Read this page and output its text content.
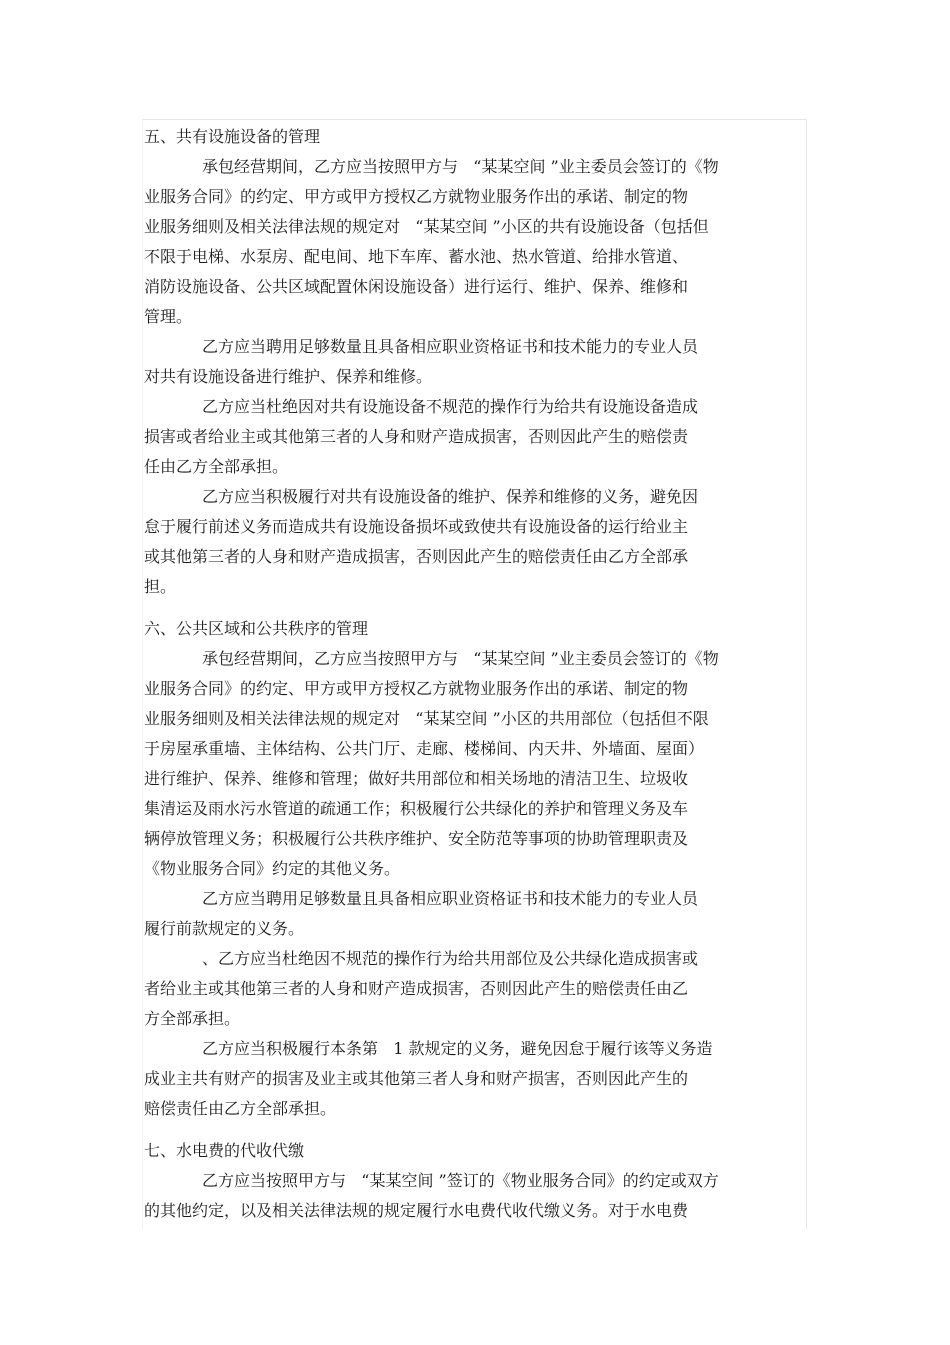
五、共有设施设备的管理
承包经营期间，乙方应当按照甲方与   “某某空间 ”业主委员会签订的《物
业服务合同》的约定、甲方或甲方授权乙方就物业服务作出的承诺、制定的物
业服务细则及相关法律法规的规定对   “某某空间 ”小区的共有设施设备（包括但
不限于电梯、水泵房、配电间、地下车库、蓄水池、热水管道、给排水管道、
消防设施设备、公共区域配置休闲设施设备）进行运行、维护、保养、维修和
管理。
乙方应当聘用足够数量且具备相应职业资格证书和技术能力的专业人员
对共有设施设备进行维护、保养和维修。
乙方应当杜绝因对共有设施设备不规范的操作行为给共有设施设备造成
损害或者给业主或其他第三者的人身和财产造成损害，否则因此产生的赔偿责
任由乙方全部承担。
乙方应当积极履行对共有设施设备的维护、保养和维修的义务，避免因
怠于履行前述义务而造成共有设施设备损坏或致使共有设施设备的运行给业主
或其他第三者的人身和财产造成损害，否则因此产生的赔偿责任由乙方全部承
担。
六、公共区域和公共秩序的管理
承包经营期间，乙方应当按照甲方与   “某某空间 ”业主委员会签订的《物
业服务合同》的约定、甲方或甲方授权乙方就物业服务作出的承诺、制定的物
业服务细则及相关法律法规的规定对   “某某空间 ”小区的共用部位（包括但不限
于房屋承重墙、主体结构、公共门厅、走廊、楼梯间、内天井、外墙面、屋面）
进行维护、保养、维修和管理；做好共用部位和相关场地的清洁卫生、垃圾收
集清运及雨水污水管道的疏通工作；积极履行公共绿化的养护和管理义务及车
辆停放管理义务；积极履行公共秩序维护、安全防范等事项的协助管理职责及
《物业服务合同》约定的其他义务。
乙方应当聘用足够数量且具备相应职业资格证书和技术能力的专业人员
履行前款规定的义务。
、乙方应当杜绝因不规范的操作行为给共用部位及公共绿化造成损害或
者给业主或其他第三者的人身和财产造成损害，否则因此产生的赔偿责任由乙
方全部承担。
乙方应当积极履行本条第   1 款规定的义务，避免因怠于履行该等义务造
成业主共有财产的损害及业主或其他第三者人身和财产损害，否则因此产生的
赔偿责任由乙方全部承担。
七、水电费的代收代缴
乙方应当按照甲方与   “某某空间 ”签订的《物业服务合同》的约定或双方
的其他约定，以及相关法律法规的规定履行水电费代收代缴义务。对于水电费
